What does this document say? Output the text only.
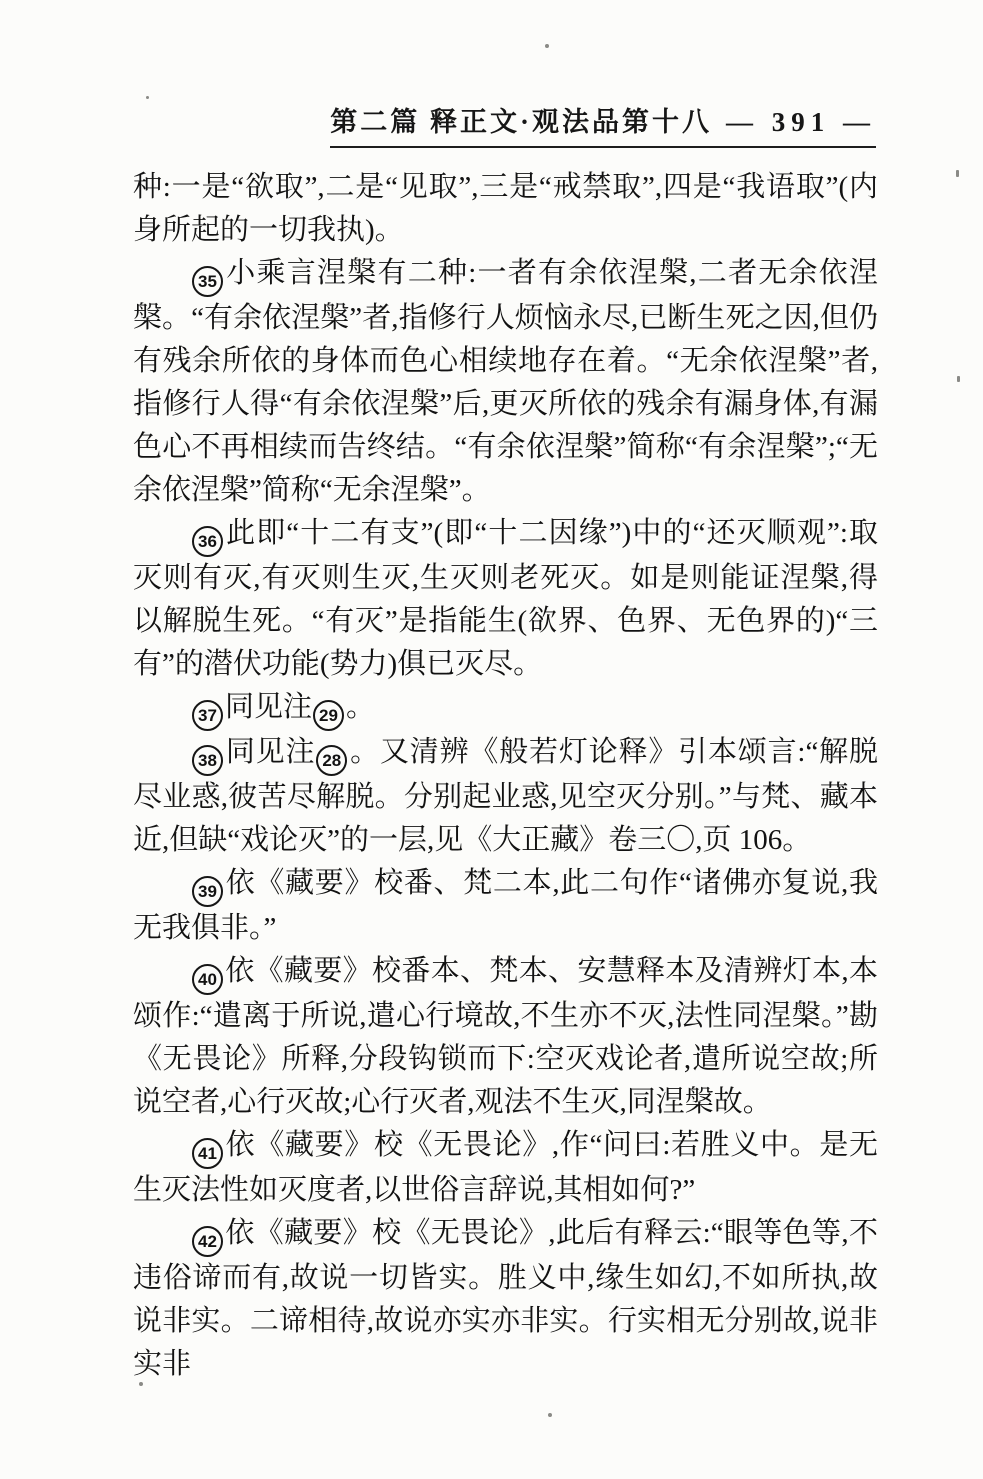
第二篇 释正文·观法品第十八 — 391 —

种:一是“欲取”,二是“见取”,三是“戒禁取”,四是“我语取”(内身所起的一切我执)。

35 小乘言涅槃有二种:一者有余依涅槃,二者无余依涅槃。“有余依涅槃”者,指修行人烦恼永尽,已断生死之因,但仍有残余所依的身体而色心相续地存在着。“无余依涅槃”者,指修行人得“有余依涅槃”后,更灭所依的残余有漏身体,有漏色心不再相续而告终结。“有余依涅槃”简称“有余涅槃”;“无余依涅槃”简称“无余涅槃”。

36 此即“十二有支”(即“十二因缘”)中的“还灭顺观”:取灭则有灭,有灭则生灭,生灭则老死灭。如是则能证涅槃,得以解脱生死。“有灭”是指能生(欲界、色界、无色界的)“三有”的潜伏功能(势力)俱已灭尽。

37 同见注 29 。

38 同见注 28 。又清辨《般若灯论释》引本颂言:“解脱尽业惑,彼苦尽解脱。分别起业惑,见空灭分别。”与梵、藏本近,但缺“戏论灭”的一层,见《大正藏》卷三〇,页 106。

39 依《藏要》校番、梵二本,此二句作“诸佛亦复说,我无我俱非。”

40 依《藏要》校番本、梵本、安慧释本及清辨灯本,本颂作:“遣离于所说,遣心行境故,不生亦不灭,法性同涅槃。”勘《无畏论》所释,分段钩锁而下:空灭戏论者,遣所说空故;所说空者,心行灭故;心行灭者,观法不生灭,同涅槃故。

41 依《藏要》校《无畏论》,作“问曰:若胜义中。是无生灭法性如灭度者,以世俗言辞说,其相如何?”

42 依《藏要》校《无畏论》,此后有释云:“眼等色等,不违俗谛而有,故说一切皆实。胜义中,缘生如幻,不如所执,故说非实。二谛相待,故说亦实亦非实。行实相无分别故,说非实非
